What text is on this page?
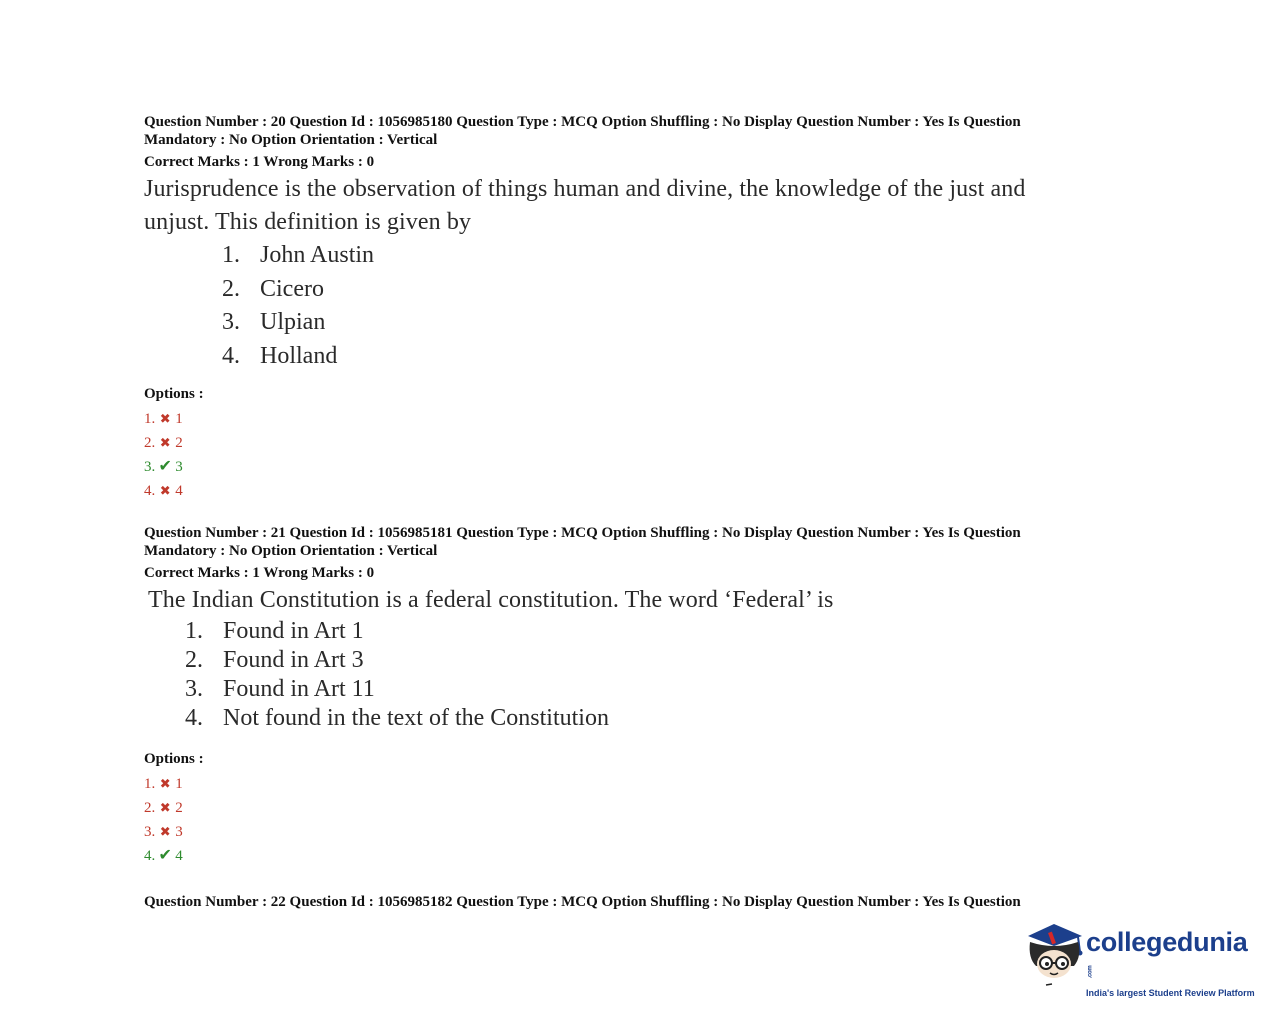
Question Number : 20 Question Id : 1056985180 Question Type : MCQ Option Shuffling : No Display Question Number : Yes Is Question

Mandatory : No Option Orientation : Vertical

Correct Marks : 1 Wrong Marks : 0
Jurisprudence is the observation of things human and divine, the knowledge of the just and
unjust. This definition is given by
1. John Austin
2. Cicero
3. Ulpian
4. Holland
Options :
1. ✖ 1
2. ✖ 2
3. ✔ 3
4. ✖ 4

Question Number : 21 Question Id : 1056985181 Question Type : MCQ Option Shuffling : No Display Question Number : Yes Is Question

Mandatory : No Option Orientation : Vertical

Correct Marks : 1 Wrong Marks : 0
The Indian Constitution is a federal constitution. The word ‘Federal’ is
1. Found in Art 1
2. Found in Art 3
3. Found in Art 11
4. Not found in the text of the Constitution
Options :
1. ✖ 1
2. ✖ 2
3. ✖ 3
4. ✔ 4

Question Number : 22 Question Id : 1056985182 Question Type : MCQ Option Shuffling : No Display Question Number : Yes Is Question

collegedunia.com
India's largest Student Review Platform
